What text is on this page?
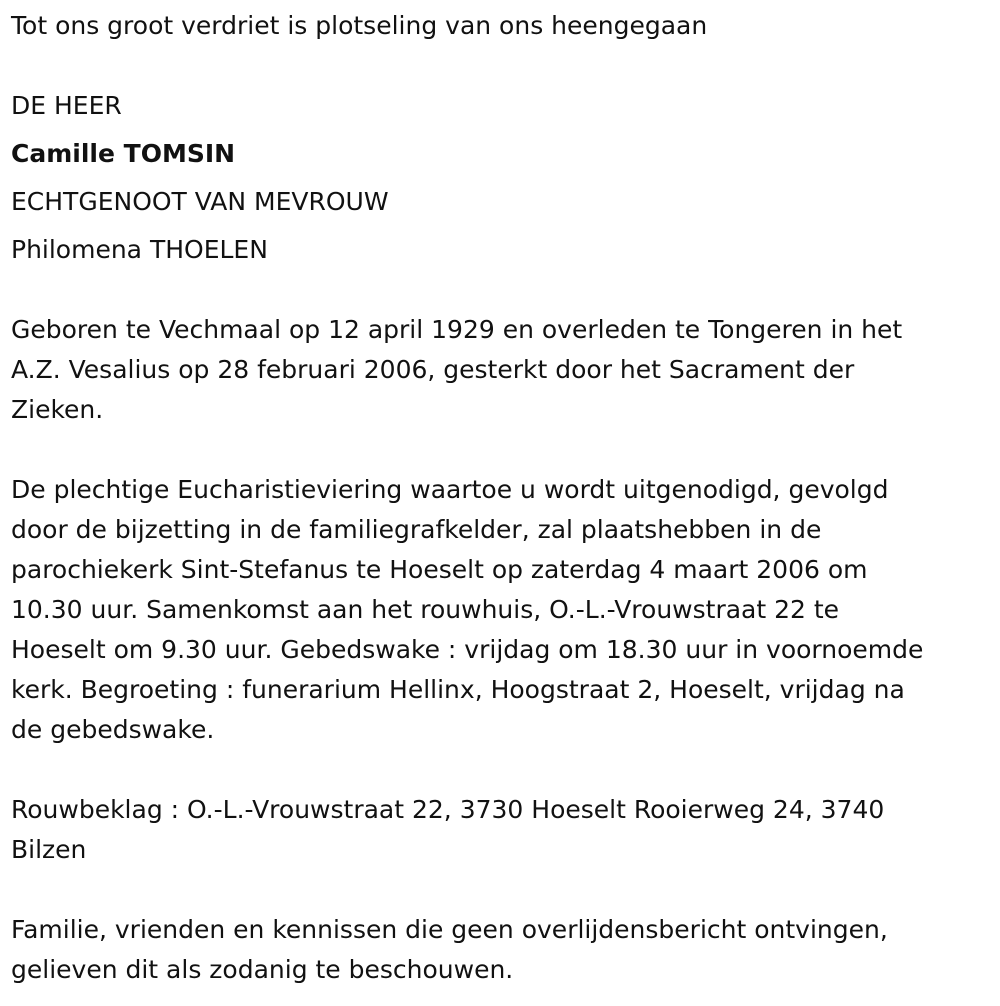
Tot ons groot verdriet is plotseling van ons heengegaan

DE HEER

Camille TOMSIN

ECHTGENOOT VAN MEVROUW

Philomena THOELEN

Geboren te Vechmaal op 12 april 1929 en overleden te Tongeren in het
A.Z. Vesalius op 28 februari 2006, gesterkt door het Sacrament der
Zieken.
De plechtige Eucharistieviering waartoe u wordt uitgenodigd, gevolgd
door de bijzetting in de familiegrafkelder, zal plaatshebben in de
parochiekerk Sint-Stefanus te Hoeselt op zaterdag 4 maart 2006 om
10.30 uur. Samenkomst aan het rouwhuis, O.-L.-Vrouwstraat 22 te
Hoeselt om 9.30 uur. Gebedswake : vrijdag om 18.30 uur in voornoemde
kerk. Begroeting : funerarium Hellinx, Hoogstraat 2, Hoeselt, vrijdag na
de gebedswake.
Rouwbeklag : O.-L.-Vrouwstraat 22, 3730 Hoeselt Rooierweg 24, 3740
Bilzen
Familie, vrienden en kennissen die geen overlijdensbericht ontvingen,
gelieven dit als zodanig te beschouwen.
